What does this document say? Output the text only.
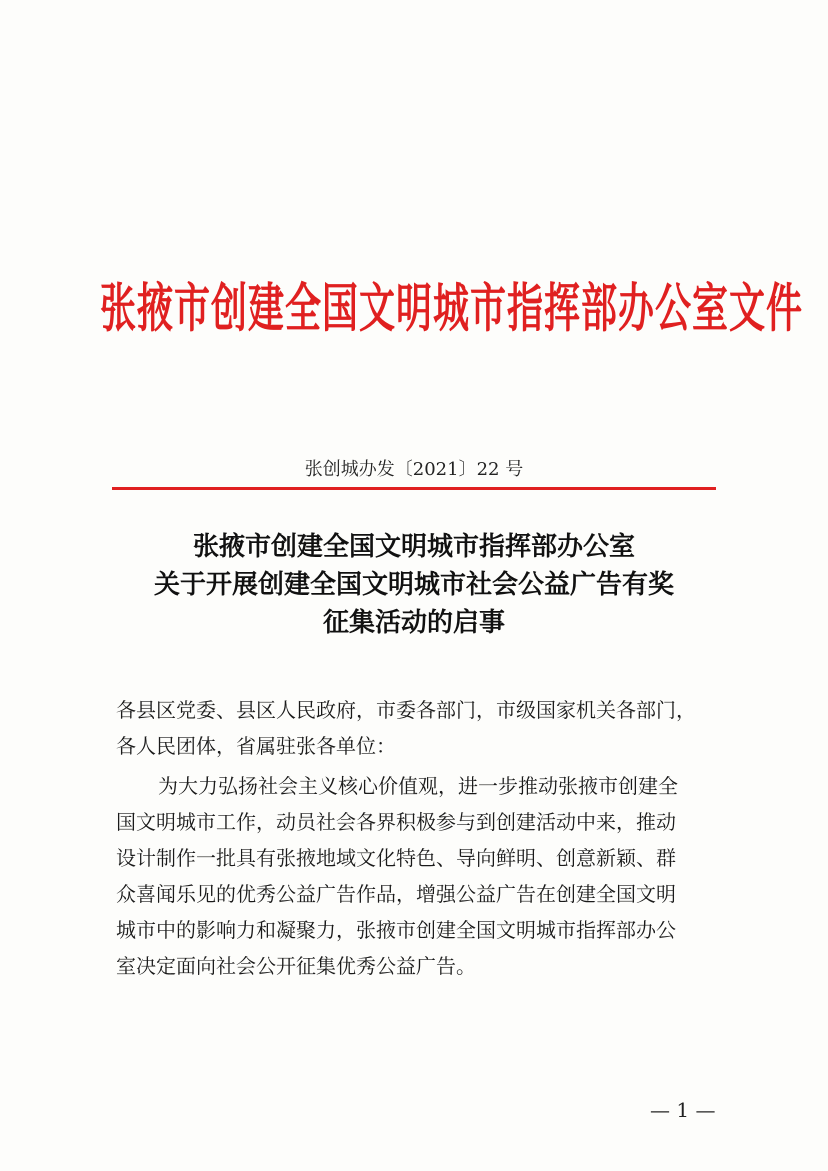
张掖市创建全国文明城市指挥部办公室文件
张创城办发〔2021〕22 号
张掖市创建全国文明城市指挥部办公室
关于开展创建全国文明城市社会公益广告有奖
征集活动的启事
各县区党委、县区人民政府，市委各部门，市级国家机关各部门，
各人民团体，省属驻张各单位：
为大力弘扬社会主义核心价值观，进一步推动张掖市创建全
国文明城市工作，动员社会各界积极参与到创建活动中来，推动
设计制作一批具有张掖地域文化特色、导向鲜明、创意新颖、群
众喜闻乐见的优秀公益广告作品，增强公益广告在创建全国文明
城市中的影响力和凝聚力，张掖市创建全国文明城市指挥部办公
室决定面向社会公开征集优秀公益广告。
— 1 —
